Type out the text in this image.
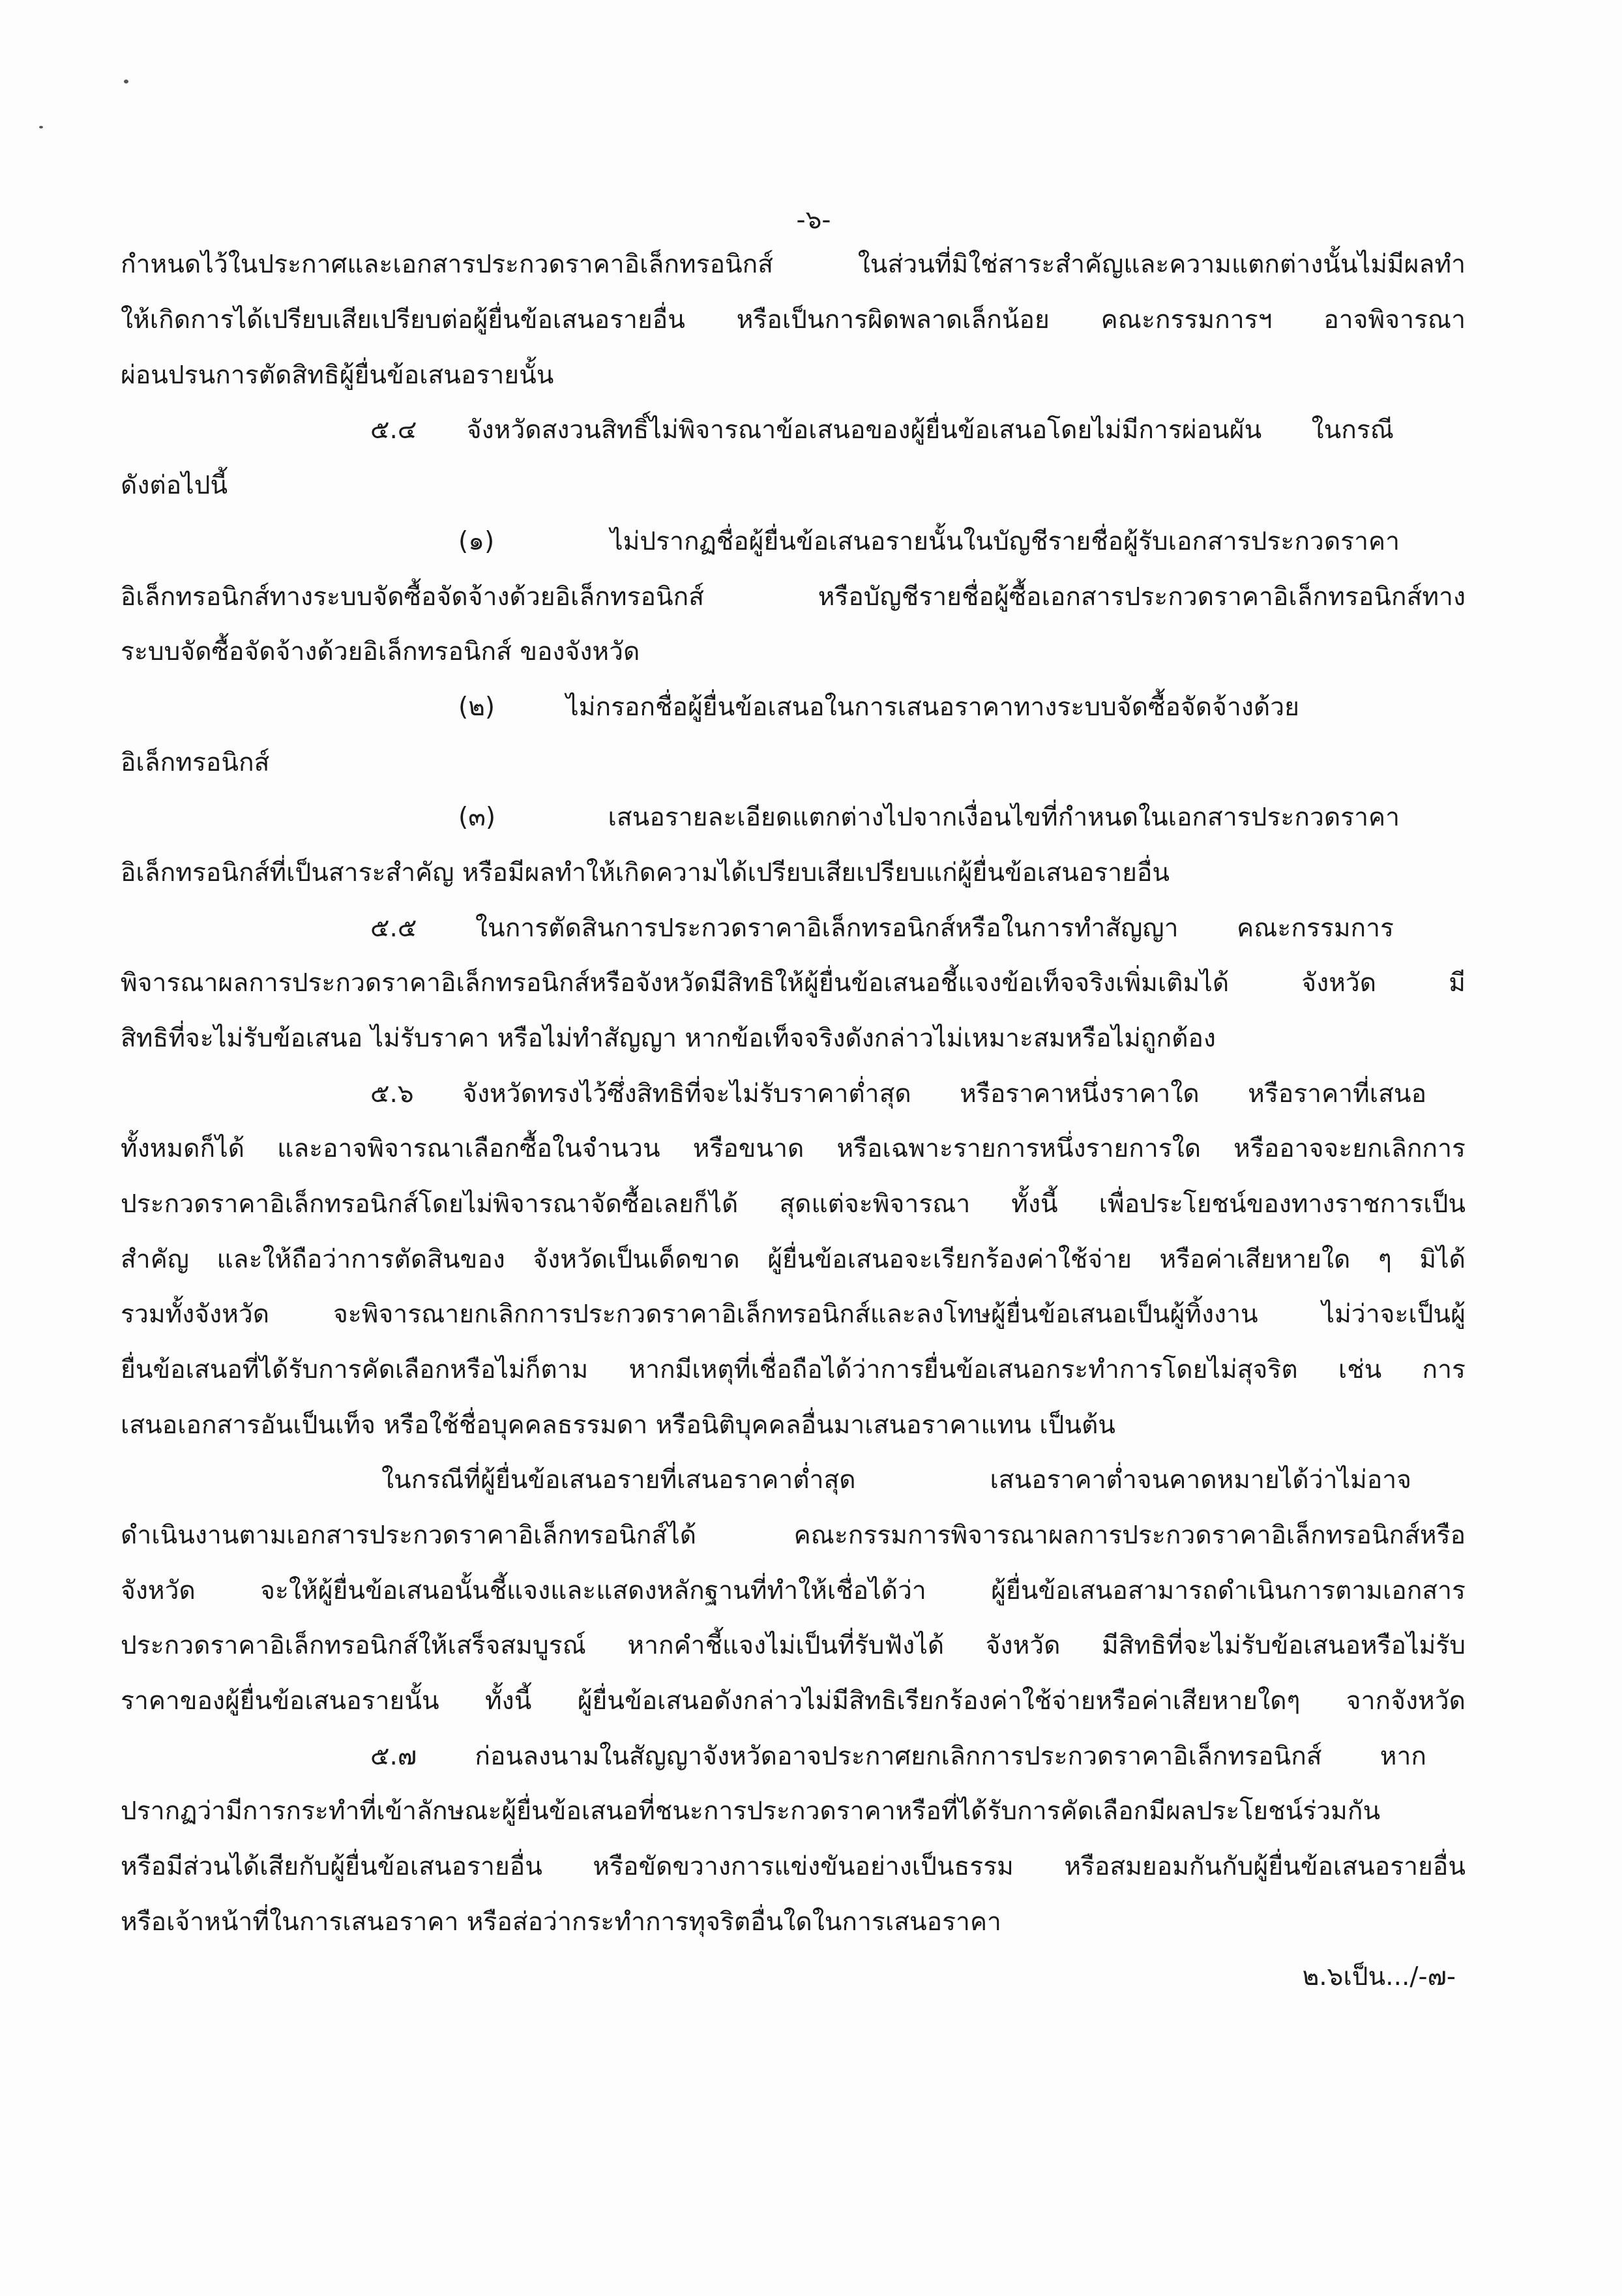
-๖-
กำหนดไว้ในประกาศและเอกสารประกวดราคาอิเล็กทรอนิกส์ ในส่วนที่มิใช่สาระสำคัญและความแตกต่างนั้นไม่มีผลทำ
ให้เกิดการได้เปรียบเสียเปรียบต่อผู้ยื่นข้อเสนอรายอื่น หรือเป็นการผิดพลาดเล็กน้อย คณะกรรมการฯ อาจพิจารณา
ผ่อนปรนการตัดสิทธิผู้ยื่นข้อเสนอรายนั้น
๕.๔ จังหวัดสงวนสิทธิ์ไม่พิจารณาข้อเสนอของผู้ยื่นข้อเสนอโดยไม่มีการผ่อนผัน ในกรณี
ดังต่อไปนี้
(๑) ไม่ปรากฏชื่อผู้ยื่นข้อเสนอรายนั้นในบัญชีรายชื่อผู้รับเอกสารประกวดราคา
อิเล็กทรอนิกส์ทางระบบจัดซื้อจัดจ้างด้วยอิเล็กทรอนิกส์ หรือบัญชีรายชื่อผู้ซื้อเอกสารประกวดราคาอิเล็กทรอนิกส์ทาง
ระบบจัดซื้อจัดจ้างด้วยอิเล็กทรอนิกส์ ของจังหวัด
(๒) ไม่กรอกชื่อผู้ยื่นข้อเสนอในการเสนอราคาทางระบบจัดซื้อจัดจ้างด้วย
อิเล็กทรอนิกส์
(๓) เสนอรายละเอียดแตกต่างไปจากเงื่อนไขที่กำหนดในเอกสารประกวดราคา
อิเล็กทรอนิกส์ที่เป็นสาระสำคัญ หรือมีผลทำให้เกิดความได้เปรียบเสียเปรียบแก่ผู้ยื่นข้อเสนอรายอื่น
๕.๕ ในการตัดสินการประกวดราคาอิเล็กทรอนิกส์หรือในการทำสัญญา คณะกรรมการ
พิจารณาผลการประกวดราคาอิเล็กทรอนิกส์หรือจังหวัดมีสิทธิให้ผู้ยื่นข้อเสนอชี้แจงข้อเท็จจริงเพิ่มเติมได้ จังหวัด มี
สิทธิที่จะไม่รับข้อเสนอ ไม่รับราคา หรือไม่ทำสัญญา หากข้อเท็จจริงดังกล่าวไม่เหมาะสมหรือไม่ถูกต้อง
๕.๖ จังหวัดทรงไว้ซึ่งสิทธิที่จะไม่รับราคาต่ำสุด หรือราคาหนึ่งราคาใด หรือราคาที่เสนอ
ทั้งหมดก็ได้ และอาจพิจารณาเลือกซื้อในจำนวน หรือขนาด หรือเฉพาะรายการหนึ่งรายการใด หรืออาจจะยกเลิกการ
ประกวดราคาอิเล็กทรอนิกส์โดยไม่พิจารณาจัดซื้อเลยก็ได้ สุดแต่จะพิจารณา ทั้งนี้ เพื่อประโยชน์ของทางราชการเป็น
สำคัญ และให้ถือว่าการตัดสินของ จังหวัดเป็นเด็ดขาด ผู้ยื่นข้อเสนอจะเรียกร้องค่าใช้จ่าย หรือค่าเสียหายใด ๆ มิได้
รวมทั้งจังหวัด จะพิจารณายกเลิกการประกวดราคาอิเล็กทรอนิกส์และลงโทษผู้ยื่นข้อเสนอเป็นผู้ทิ้งงาน ไม่ว่าจะเป็นผู้
ยื่นข้อเสนอที่ได้รับการคัดเลือกหรือไม่ก็ตาม หากมีเหตุที่เชื่อถือได้ว่าการยื่นข้อเสนอกระทำการโดยไม่สุจริต เช่น การ
เสนอเอกสารอันเป็นเท็จ หรือใช้ชื่อบุคคลธรรมดา หรือนิติบุคคลอื่นมาเสนอราคาแทน เป็นต้น
ในกรณีที่ผู้ยื่นข้อเสนอรายที่เสนอราคาต่ำสุด เสนอราคาต่ำจนคาดหมายได้ว่าไม่อาจ
ดำเนินงานตามเอกสารประกวดราคาอิเล็กทรอนิกส์ได้ คณะกรรมการพิจารณาผลการประกวดราคาอิเล็กทรอนิกส์หรือ
จังหวัด จะให้ผู้ยื่นข้อเสนอนั้นชี้แจงและแสดงหลักฐานที่ทำให้เชื่อได้ว่า ผู้ยื่นข้อเสนอสามารถดำเนินการตามเอกสาร
ประกวดราคาอิเล็กทรอนิกส์ให้เสร็จสมบูรณ์ หากคำชี้แจงไม่เป็นที่รับฟังได้ จังหวัด มีสิทธิที่จะไม่รับข้อเสนอหรือไม่รับ
ราคาของผู้ยื่นข้อเสนอรายนั้น ทั้งนี้ ผู้ยื่นข้อเสนอดังกล่าวไม่มีสิทธิเรียกร้องค่าใช้จ่ายหรือค่าเสียหายใดๆ จากจังหวัด
๕.๗ ก่อนลงนามในสัญญาจังหวัดอาจประกาศยกเลิกการประกวดราคาอิเล็กทรอนิกส์ หาก
ปรากฏว่ามีการกระทำที่เข้าลักษณะผู้ยื่นข้อเสนอที่ชนะการประกวดราคาหรือที่ได้รับการคัดเลือกมีผลประโยชน์ร่วมกัน
หรือมีส่วนได้เสียกับผู้ยื่นข้อเสนอรายอื่น หรือขัดขวางการแข่งขันอย่างเป็นธรรม หรือสมยอมกันกับผู้ยื่นข้อเสนอรายอื่น
หรือเจ้าหน้าที่ในการเสนอราคา หรือส่อว่ากระทำการทุจริตอื่นใดในการเสนอราคา
๒.๖เป็น.../-๗-
